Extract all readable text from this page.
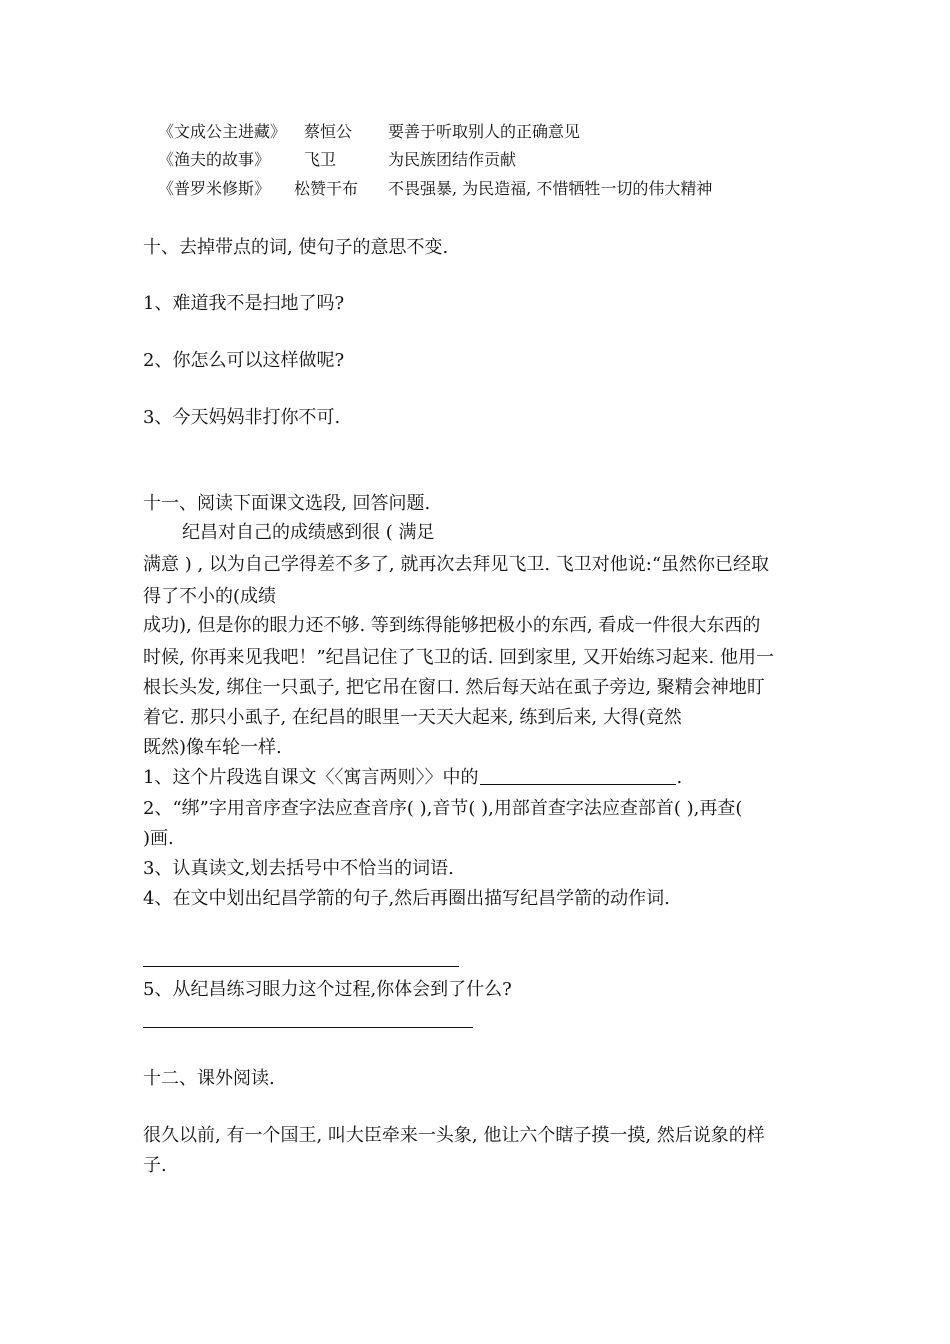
《文成公主进藏》 蔡恒公 要善于听取别人的正确意见
《渔夫的故事》 飞卫	为民族团结作贡献
《普罗米修斯》 松赞干布 不畏强暴, 为民造福, 不惜牺牲一切的伟大精神
十、去掉带点的词, 使句子的意思不变.
1、难道我不是扫地了吗?
2、你怎么可以这样做呢?
3、今天妈妈非打你不可.
十一、阅读下面课文选段, 回答问题.
纪昌对自己的成绩感到很 ( 满足
满意 ) , 以为自己学得差不多了, 就再次去拜见飞卫. 飞卫对他说:“虽然你已经取
得了不小的(成绩
成功), 但是你的眼力还不够. 等到练得能够把极小的东西, 看成一件很大东西的
时候, 你再来见我吧！”纪昌记住了飞卫的话. 回到家里, 又开始练习起来. 他用一
根长头发, 绑住一只虱子, 把它吊在窗口. 然后每天站在虱子旁边, 聚精会神地盯
着它. 那只小虱子, 在纪昌的眼里一天天大起来, 练到后来, 大得(竟然
既然)像车轮一样.
1、这个片段选自课文〈〈寓言两则〉〉中的	.
2、“绑”字用音序查字法应查音序( ),音节( ),用部首查字法应查部首( ),再查(
)画.
3、认真读文,划去括号中不恰当的词语.
4、在文中划出纪昌学箭的句子,然后再圈出描写纪昌学箭的动作词.
5、从纪昌练习眼力这个过程,你体会到了什么?
十二、课外阅读.
很久以前, 有一个国王, 叫大臣牵来一头象, 他让六个瞎子摸一摸, 然后说象的样
子.
